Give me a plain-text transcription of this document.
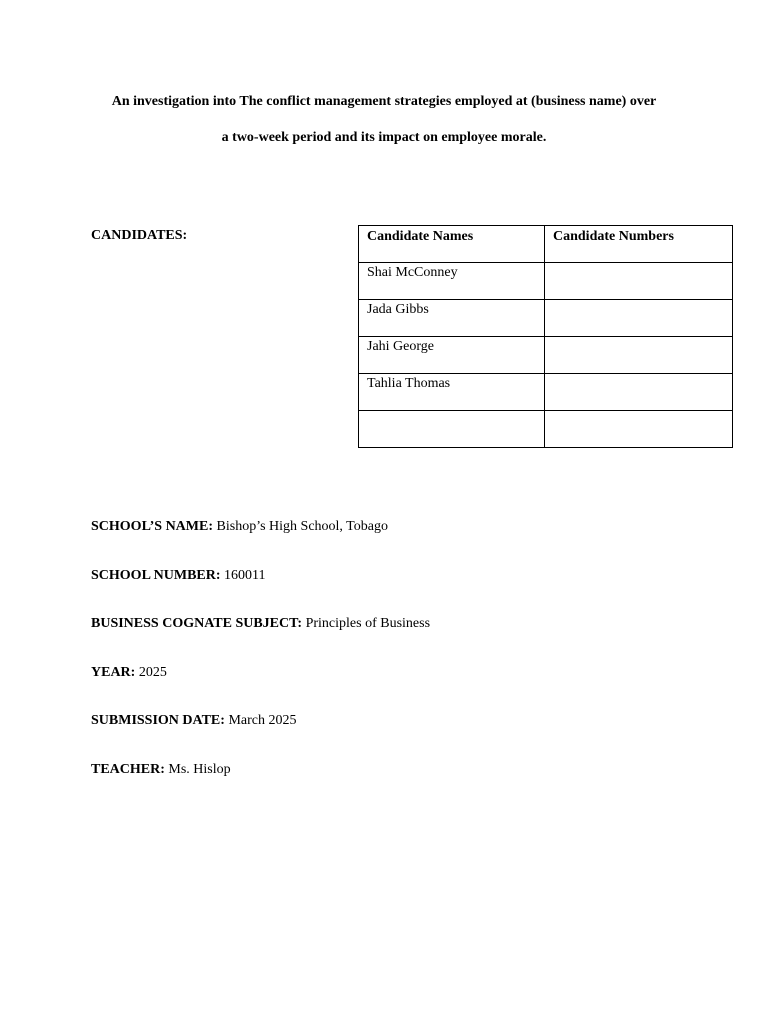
An investigation into The conflict management strategies employed at (business name) over
a two-week period and its impact on employee morale.
CANDIDATES:	Candidate Names	Candidate Numbers
Shai McConney	
Jada Gibbs	
Jahi George	
Tahlia Thomas	

SCHOOL’S NAME: Bishop’s High School, Tobago
SCHOOL NUMBER: 160011
BUSINESS COGNATE SUBJECT: Principles of Business
YEAR: 2025
SUBMISSION DATE: March 2025
TEACHER: Ms. Hislop
